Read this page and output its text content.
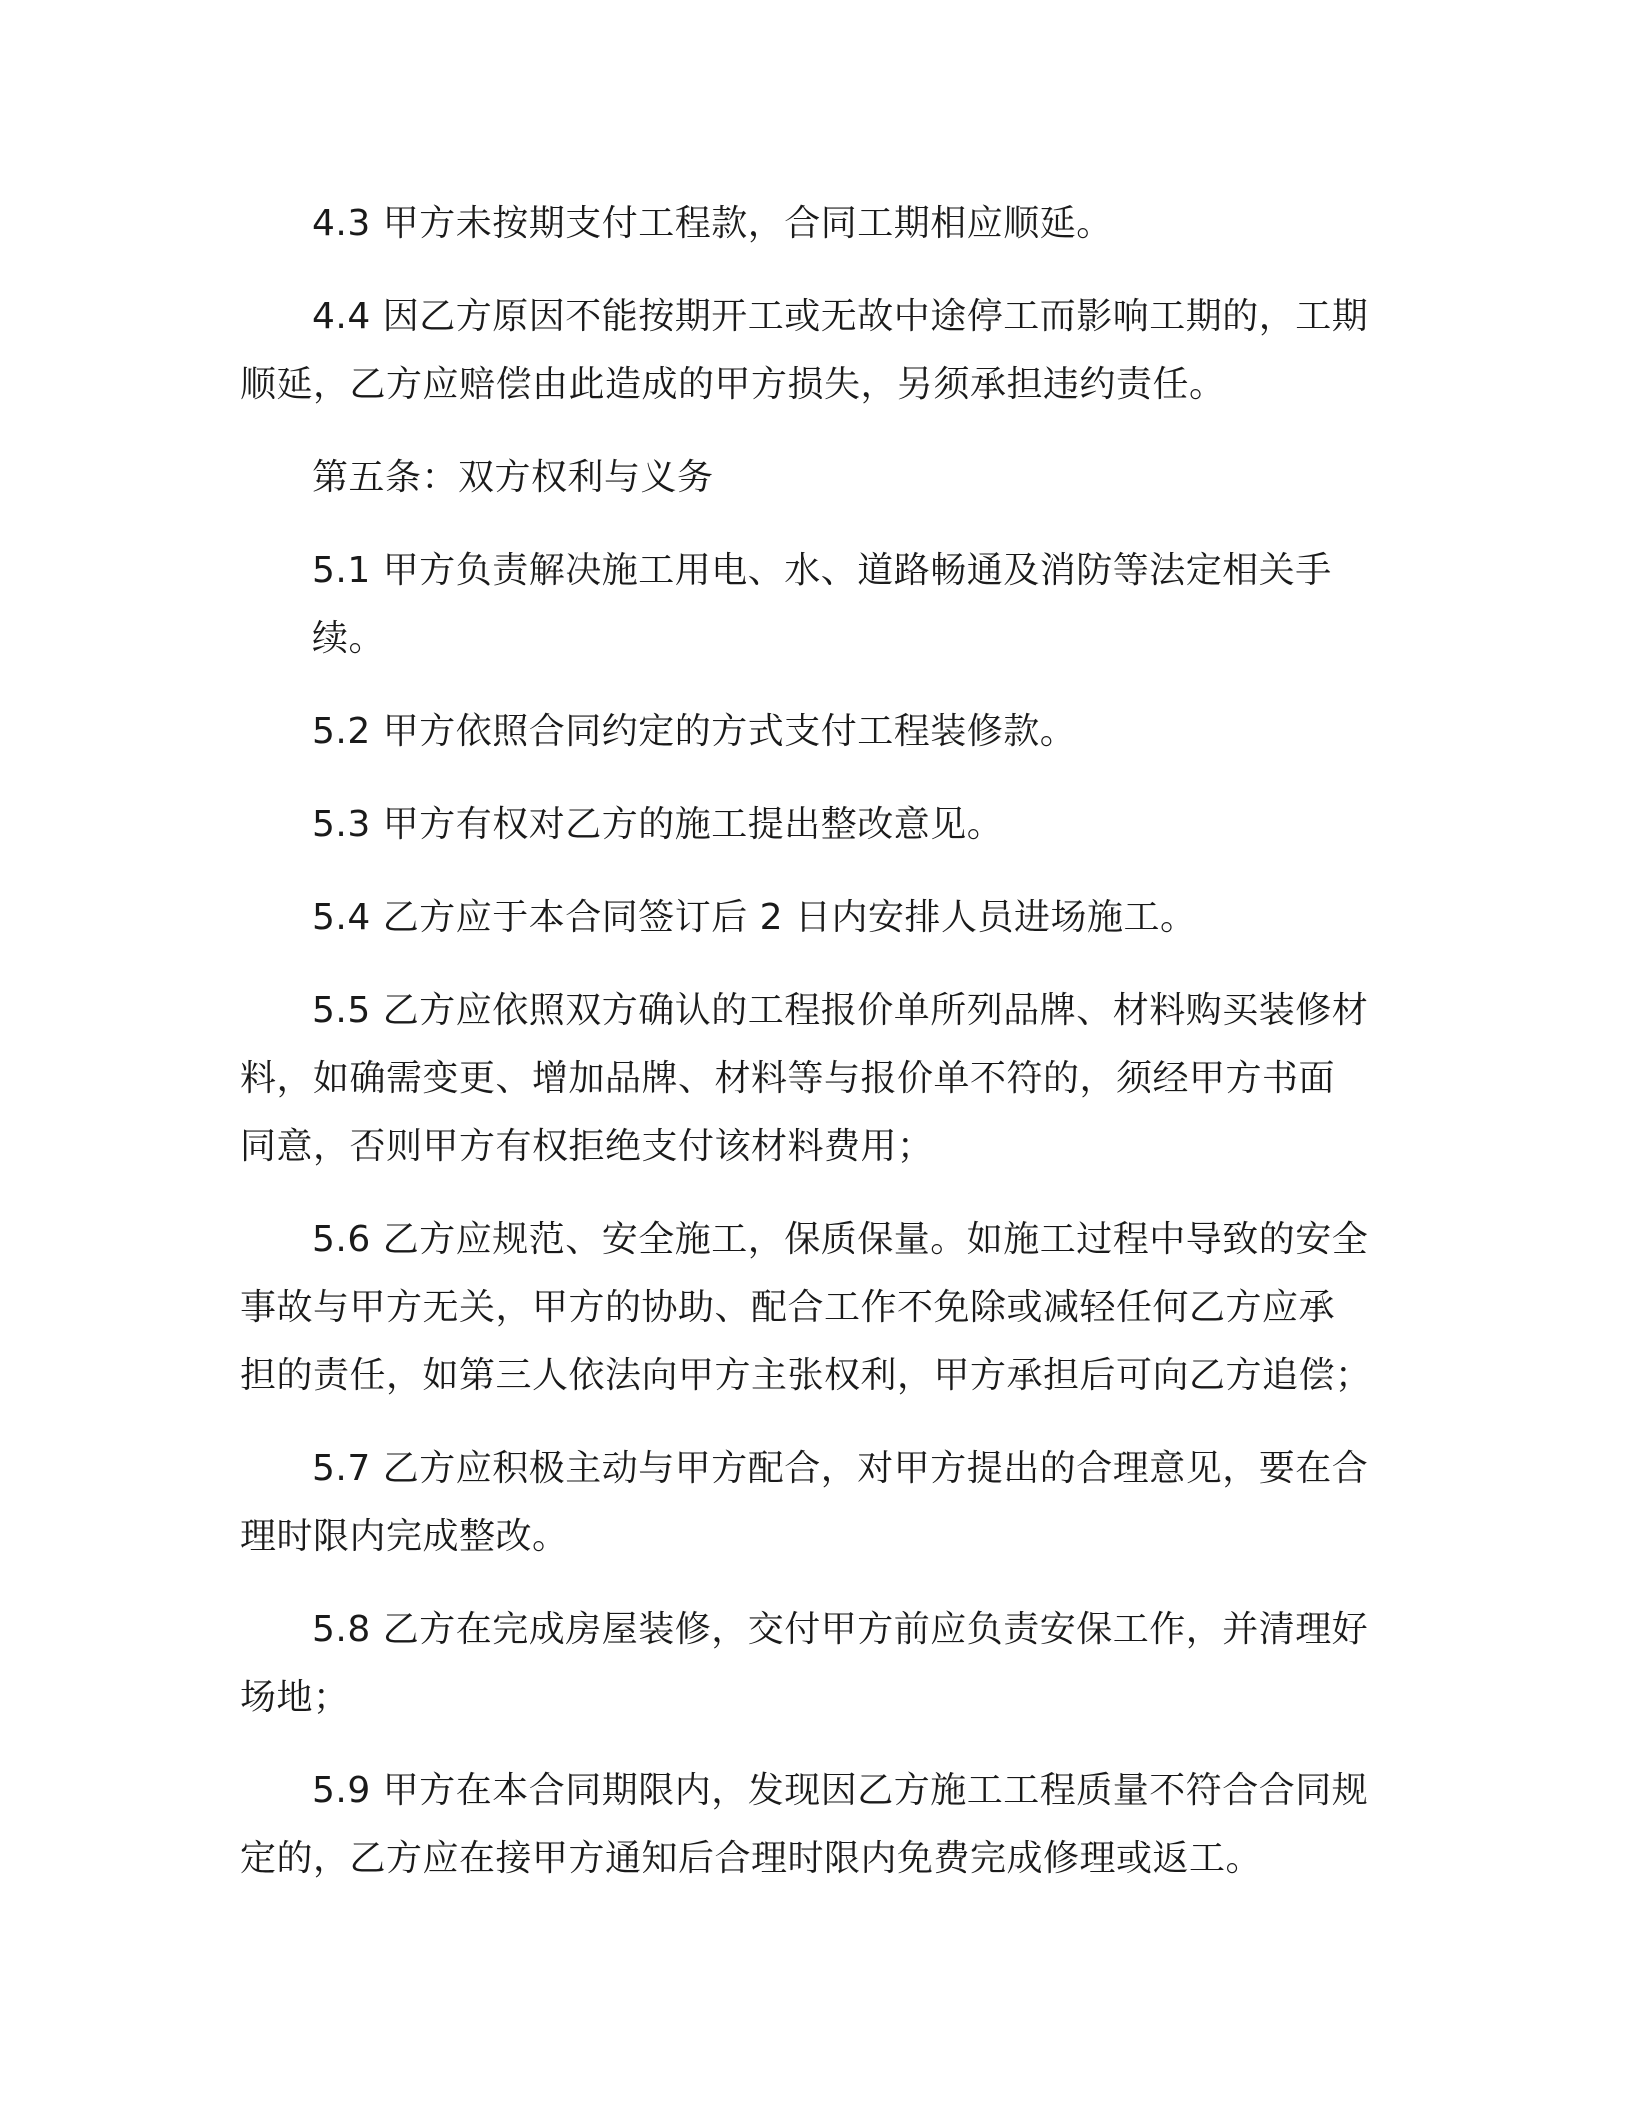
4.3 甲方未按期支付工程款，合同工期相应顺延。

4.4 因乙方原因不能按期开工或无故中途停工而影响工期的，工期
顺延，乙方应赔偿由此造成的甲方损失，另须承担违约责任。

第五条：双方权利与义务

5.1 甲方负责解决施工用电、水、道路畅通及消防等法定相关手续。

5.2 甲方依照合同约定的方式支付工程装修款。

5.3 甲方有权对乙方的施工提出整改意见。

5.4 乙方应于本合同签订后 2 日内安排人员进场施工。

5.5 乙方应依照双方确认的工程报价单所列品牌、材料购买装修材
料，如确需变更、增加品牌、材料等与报价单不符的，须经甲方书面
同意，否则甲方有权拒绝支付该材料费用；

5.6 乙方应规范、安全施工，保质保量。如施工过程中导致的安全
事故与甲方无关，甲方的协助、配合工作不免除或减轻任何乙方应承
担的责任，如第三人依法向甲方主张权利，甲方承担后可向乙方追偿；

5.7 乙方应积极主动与甲方配合，对甲方提出的合理意见，要在合
理时限内完成整改。

5.8 乙方在完成房屋装修，交付甲方前应负责安保工作，并清理好
场地；

5.9 甲方在本合同期限内，发现因乙方施工工程质量不符合合同规
定的，乙方应在接甲方通知后合理时限内免费完成修理或返工。
